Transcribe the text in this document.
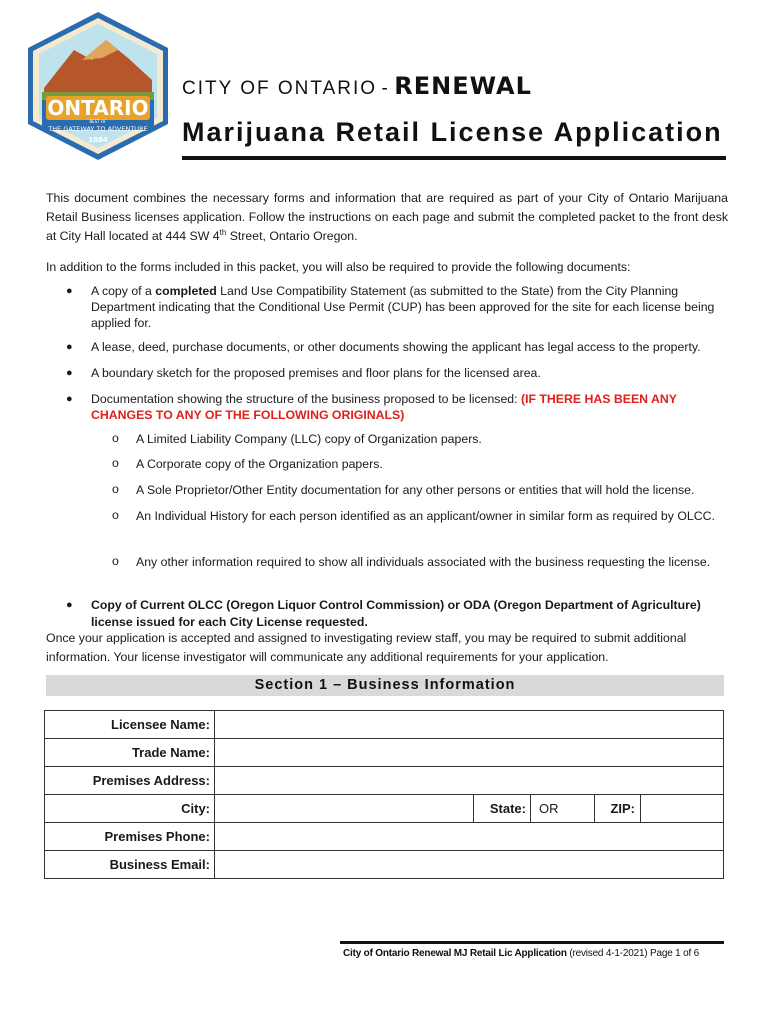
ONTARIO
BEST OF
THE GATEWAY TO ADVENTURE
1884
CITY OF ONTARIO - RENEWAL
Marijuana Retail License Application
This document combines the necessary forms and information that are required as part of your City of Ontario Marijuana Retail Business licenses application. Follow the instructions on each page and submit the completed packet to the front desk at City Hall located at 444 SW 4th Street, Ontario Oregon.
In addition to the forms included in this packet, you will also be required to provide the following documents:
● A copy of a completed Land Use Compatibility Statement (as submitted to the State) from the City Planning Department indicating that the Conditional Use Permit (CUP) has been approved for the site for each license being applied for.
● A lease, deed, purchase documents, or other documents showing the applicant has legal access to the property.
● A boundary sketch for the proposed premises and floor plans for the licensed area.
● Documentation showing the structure of the business proposed to be licensed: (IF THERE HAS BEEN ANY CHANGES TO ANY OF THE FOLLOWING ORIGINALS)
o A Limited Liability Company (LLC) copy of Organization papers.
o A Corporate copy of the Organization papers.
o A Sole Proprietor/Other Entity documentation for any other persons or entities that will hold the license.
o An Individual History for each person identified as an applicant/owner in similar form as required by OLCC.
o Any other information required to show all individuals associated with the business requesting the license.
● Copy of Current OLCC (Oregon Liquor Control Commission) or ODA (Oregon Department of Agriculture) license issued for each City License requested.
Once your application is accepted and assigned to investigating review staff, you may be required to submit additional information. Your license investigator will communicate any additional requirements for your application.
Section 1 – Business Information
Licensee Name:
Trade Name:
Premises Address:
City:	State:	OR	ZIP:
Premises Phone:
Business Email:
City of Ontario Renewal MJ Retail Lic Application (revised 4-1-2021) Page 1 of 6
